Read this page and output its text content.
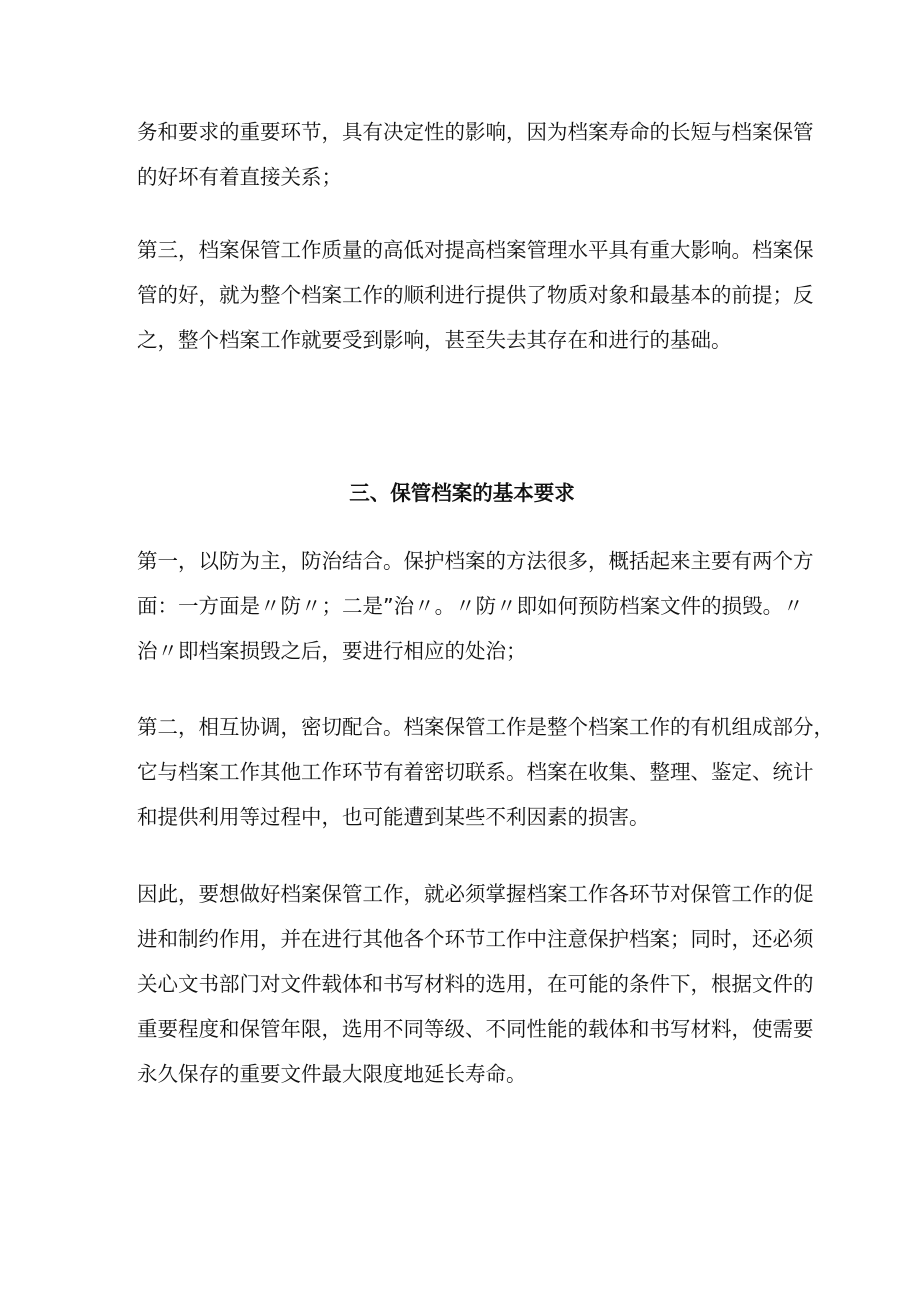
务和要求的重要环节，具有决定性的影响，因为档案寿命的长短与档案保管
的好坏有着直接关系；

第三，档案保管工作质量的高低对提高档案管理水平具有重大影响。档案保
管的好，就为整个档案工作的顺利进行提供了物质对象和最基本的前提；反
之，整个档案工作就要受到影响，甚至失去其存在和进行的基础。

三、保管档案的基本要求

第一，以防为主，防治结合。保护档案的方法很多，概括起来主要有两个方
面：一方面是〃防〃；二是”治〃。〃防〃即如何预防档案文件的损毁。〃
治〃即档案损毁之后，要进行相应的处治；

第二，相互协调，密切配合。档案保管工作是整个档案工作的有机组成部分，
它与档案工作其他工作环节有着密切联系。档案在收集、整理、鉴定、统计
和提供利用等过程中，也可能遭到某些不利因素的损害。

因此，要想做好档案保管工作，就必须掌握档案工作各环节对保管工作的促
进和制约作用，并在进行其他各个环节工作中注意保护档案；同时，还必须
关心文书部门对文件载体和书写材料的选用，在可能的条件下，根据文件的
重要程度和保管年限，选用不同等级、不同性能的载体和书写材料，使需要
永久保存的重要文件最大限度地延长寿命。
